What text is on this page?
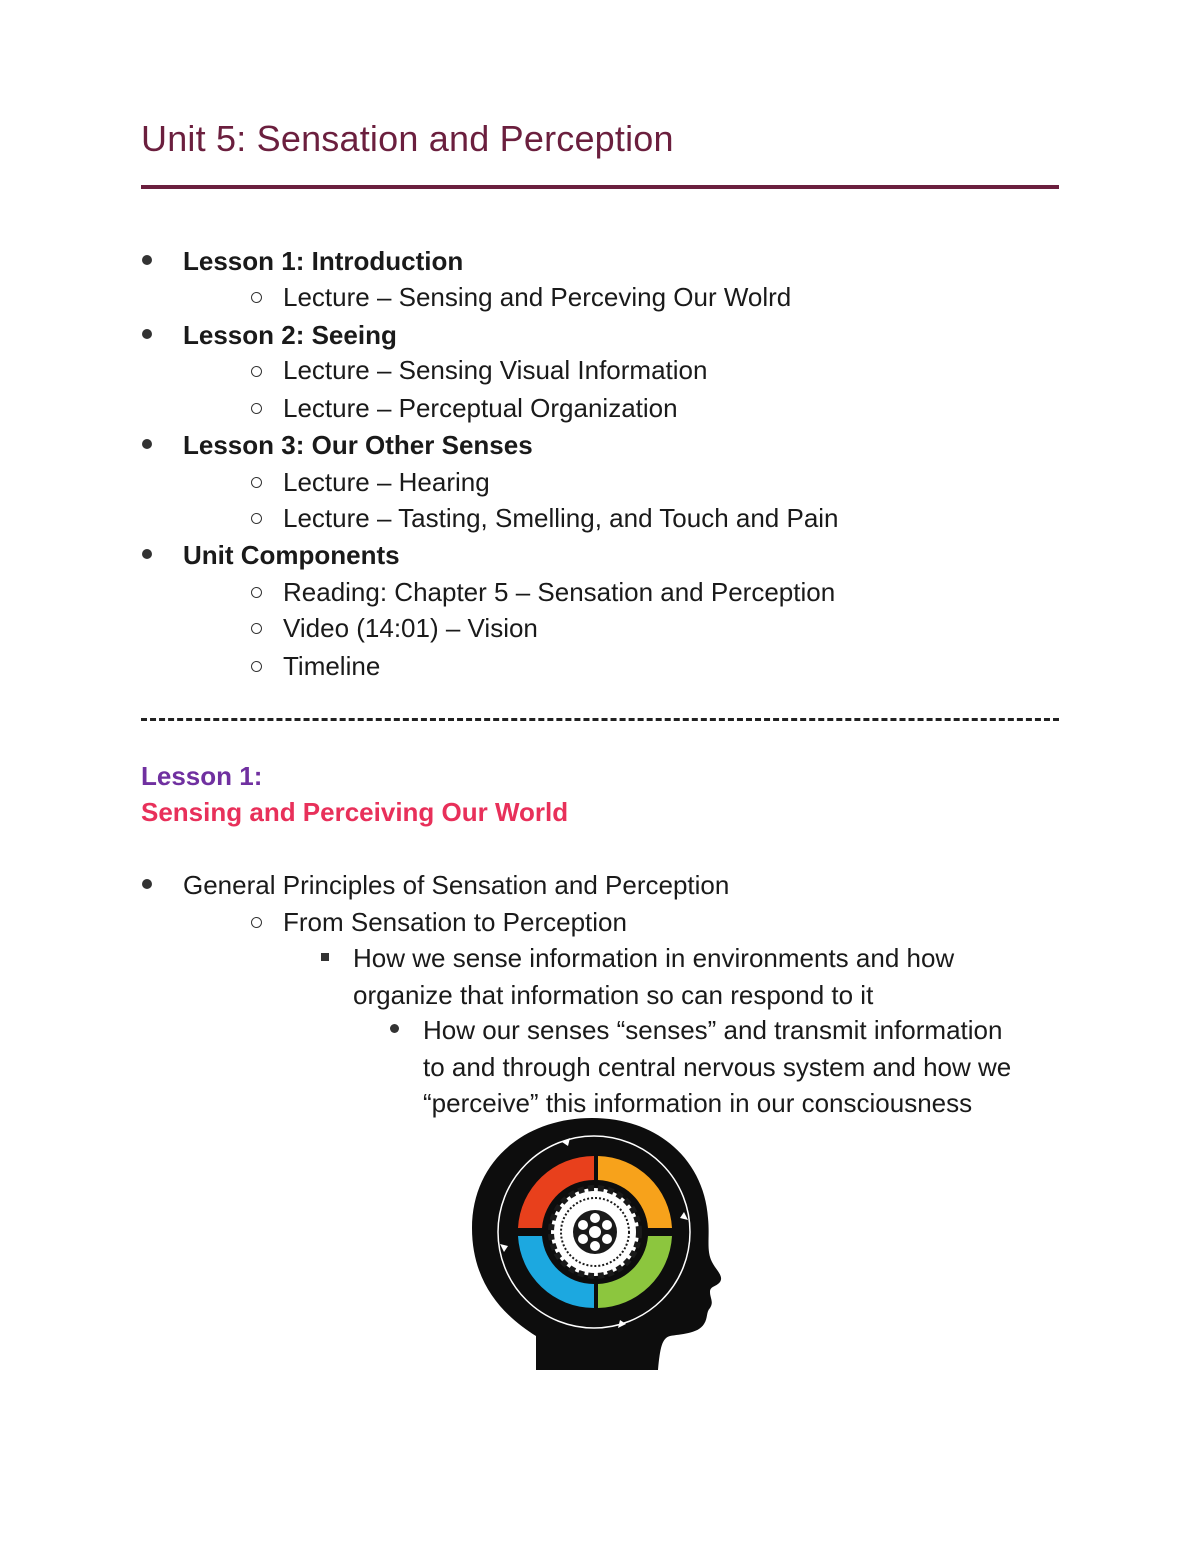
Unit 5: Sensation and Perception
Lesson 1: Introduction
Lecture – Sensing and Perceving Our Wolrd
Lesson 2: Seeing
Lecture – Sensing Visual Information
Lecture – Perceptual Organization
Lesson 3: Our Other Senses
Lecture – Hearing
Lecture – Tasting, Smelling, and Touch and Pain
Unit Components
Reading: Chapter 5 – Sensation and Perception
Video (14:01) – Vision
Timeline
Lesson 1:
Sensing and Perceiving Our World
General Principles of Sensation and Perception
From Sensation to Perception
How we sense information in environments and how
organize that information so can respond to it
How our senses “senses” and transmit information
to and through central nervous system and how we
“perceive” this information in our consciousness
